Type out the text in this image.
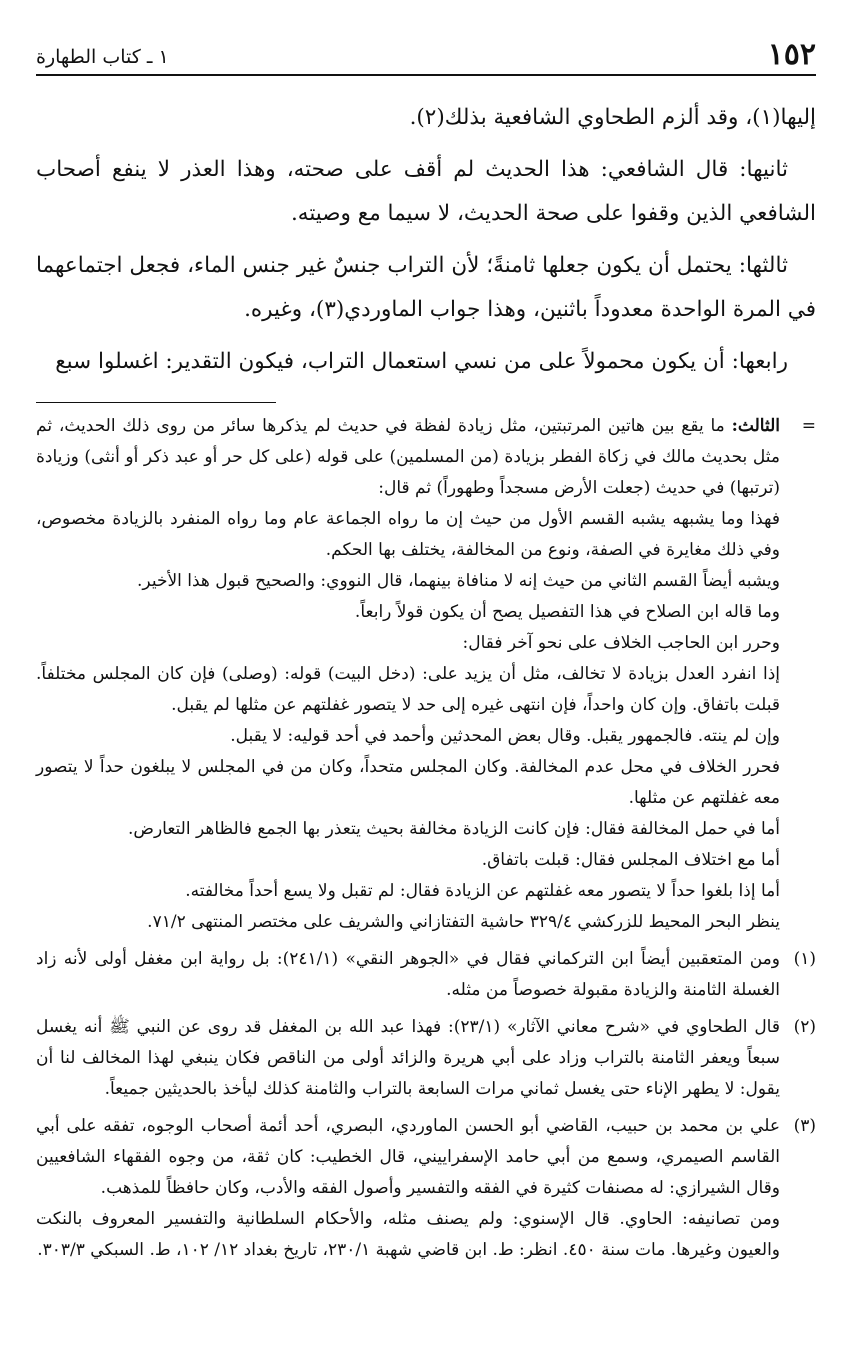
١٥٢
١ ـ كتاب الطهارة

إليها(١)، وقد ألزم الطحاوي الشافعية بذلك(٢).

ثانيها: قال الشافعي: هذا الحديث لم أقف على صحته، وهذا العذر لا ينفع أصحاب الشافعي الذين وقفوا على صحة الحديث، لا سيما مع وصيته.

ثالثها: يحتمل أن يكون جعلها ثامنةً؛ لأن التراب جنسٌ غير جنس الماء، فجعل اجتماعهما في المرة الواحدة معدوداً باثنين، وهذا جواب الماوردي(٣)، وغيره.

رابعها: أن يكون محمولاً على من نسي استعمال التراب، فيكون التقدير: اغسلوا سبع

=

الثالث: ما يقع بين هاتين المرتبتين، مثل زيادة لفظة في حديث لم يذكرها سائر من روى ذلك الحديث، ثم مثل بحديث مالك في زكاة الفطر بزيادة (من المسلمين) على قوله (على كل حر أو عبد ذكر أو أنثى) وزيادة (ترتبها) في حديث (جعلت الأرض مسجداً وطهوراً) ثم قال:

فهذا وما يشبهه يشبه القسم الأول من حيث إن ما رواه الجماعة عام وما رواه المنفرد بالزيادة مخصوص، وفي ذلك مغايرة في الصفة، ونوع من المخالفة، يختلف بها الحكم.

ويشبه أيضاً القسم الثاني من حيث إنه لا منافاة بينهما، قال النووي: والصحيح قبول هذا الأخير.

وما قاله ابن الصلاح في هذا التفصيل يصح أن يكون قولاً رابعاً.

وحرر ابن الحاجب الخلاف على نحو آخر فقال:

إذا انفرد العدل بزيادة لا تخالف، مثل أن يزيد على: (دخل البيت) قوله: (وصلى) فإن كان المجلس مختلفاً. قبلت باتفاق. وإن كان واحداً، فإن انتهى غيره إلى حد لا يتصور غفلتهم عن مثلها لم يقبل.

وإن لم ينته. فالجمهور يقبل. وقال بعض المحدثين وأحمد في أحد قوليه: لا يقبل.

فحرر الخلاف في محل عدم المخالفة. وكان المجلس متحداً، وكان من في المجلس لا يبلغون حداً لا يتصور معه غفلتهم عن مثلها.

أما في حمل المخالفة فقال: فإن كانت الزيادة مخالفة بحيث يتعذر بها الجمع فالظاهر التعارض.

أما مع اختلاف المجلس فقال: قبلت باتفاق.

أما إذا بلغوا حداً لا يتصور معه غفلتهم عن الزيادة فقال: لم تقبل ولا يسع أحداً مخالفته.

ينظر البحر المحيط للزركشي ٣٢٩/٤ حاشية التفتازاني والشريف على مختصر المنتهى ٧١/٢.

(١)

ومن المتعقبين أيضاً ابن التركماني فقال في «الجوهر النقي» (٢٤١/١): بل رواية ابن مغفل أولى لأنه زاد الغسلة الثامنة والزيادة مقبولة خصوصاً من مثله.

(٢)

قال الطحاوي في «شرح معاني الآثار» (٢٣/١): فهذا عبد الله بن المغفل قد روى عن النبي ﷺ أنه يغسل سبعاً ويعفر الثامنة بالتراب وزاد على أبي هريرة والزائد أولى من الناقص فكان ينبغي لهذا المخالف لنا أن يقول: لا يطهر الإناء حتى يغسل ثماني مرات السابعة بالتراب والثامنة كذلك ليأخذ بالحديثين جميعاً.

(٣)

علي بن محمد بن حبيب، القاضي أبو الحسن الماوردي، البصري، أحد أئمة أصحاب الوجوه، تفقه على أبي القاسم الصيمري، وسمع من أبي حامد الإسفراييني، قال الخطيب: كان ثقة، من وجوه الفقهاء الشافعيين وقال الشيرازي: له مصنفات كثيرة في الفقه والتفسير وأصول الفقه والأدب، وكان حافظاً للمذهب.

ومن تصانيفه: الحاوي. قال الإسنوي: ولم يصنف مثله، والأحكام السلطانية والتفسير المعروف بالنكت والعيون وغيرها. مات سنة ٤٥٠. انظر: ط. ابن قاضي شهبة ٢٣٠/١، تاريخ بغداد ١٢/ ١٠٢، ط. السبكي ٣٠٣/٣.
